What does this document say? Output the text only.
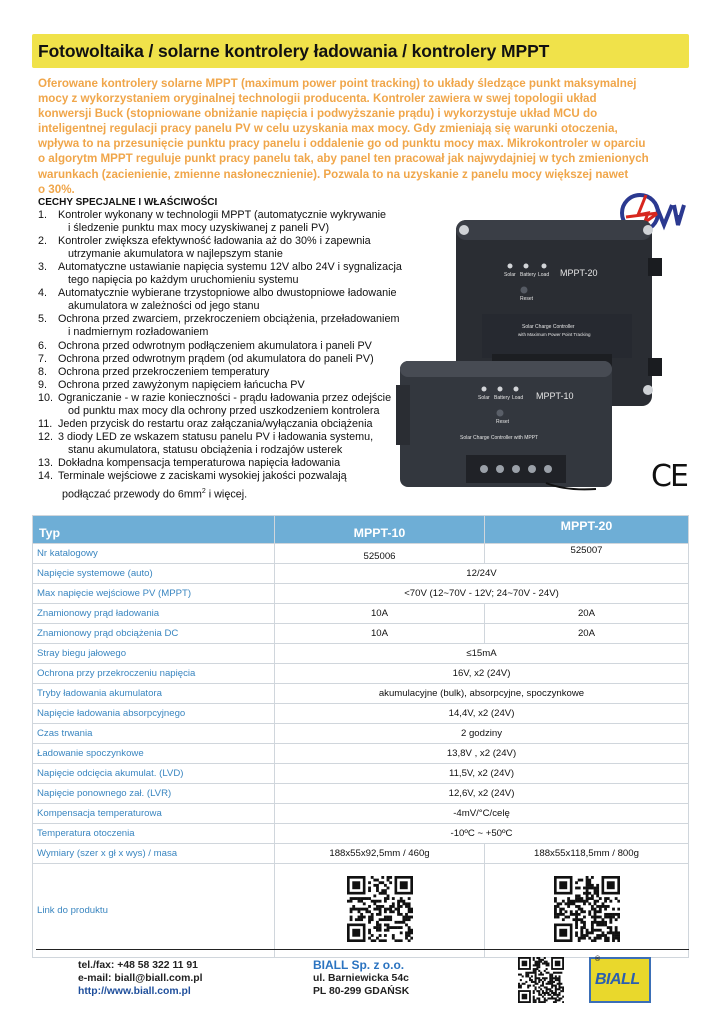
Fotowoltaika / solarne kontrolery ładowania / kontrolery MPPT
Oferowane kontrolery solarne MPPT (maximum power point tracking) to układy śledzące punkt maksymalnej
mocy z wykorzystaniem oryginalnej technologii producenta. Kontroler zawiera w swej topologii układ
konwersji Buck (stopniowane obniżanie napięcia i podwyższanie prądu) i wykorzystuje układ MCU do
inteligentnej regulacji pracy panelu PV w celu uzyskania max mocy. Gdy zmieniają się warunki otoczenia,
wpływa to na przesunięcie punktu pracy panelu i oddalenie go od punktu mocy max. Mikrokontroler w oparciu
o algorytm MPPT reguluje punkt pracy panelu tak, aby panel ten pracował jak najwydajniej w tych zmienionych
warunkach (zacienienie, zmienne nasłonecznienie). Pozwala to na uzyskanie z panelu mocy większej nawet
o 30%.
CECHY SPECJALNE I WŁAŚCIWOŚCI
1.	Kontroler wykonany w technologii MPPT (automatycznie wykrywanie
i śledzenie punktu max mocy uzyskiwanej z paneli PV)
2.	Kontroler zwiększa efektywność ładowania aż do 30% i zapewnia
utrzymanie akumulatora w najlepszym stanie
3.	Automatyczne ustawianie napięcia systemu 12V albo 24V i sygnalizacja
tego napięcia po każdym uruchomieniu systemu
4.	Automatycznie wybierane trzystopniowe albo dwustopniowe ładowanie
akumulatora w zależności od jego stanu
5.	Ochrona przed zwarciem, przekroczeniem obciążenia, przeładowaniem
i nadmiernym rozładowaniem
6.	Ochrona przed odwrotnym podłączeniem akumulatora i paneli PV
7.	Ochrona przed odwrotnym prądem (od akumulatora do paneli PV)
8.	Ochrona przed przekroczeniem temperatury
9.	Ochrona przed zawyżonym napięciem łańcucha PV
10. Ograniczanie - w razie konieczności - prądu ładowania przez odejście
od punktu max mocy dla ochrony przed uszkodzeniem kontrolera
11. Jeden przycisk do restartu oraz załączania/wyłączania obciążenia
12. 3 diody LED ze wskazem statusu panelu PV i ładowania systemu,
stanu akumulatora, statusu obciążenia i rodzajów usterek
13. Dokładna kompensacja temperaturowa napięcia ładowania
14. Terminale wejściowe z zaciskami wysokiej jakości pozwalają
podłączać przewody do $6mm^2$ i więcej.
Solar Battery Load MPPT-20
Reset
Solar Charge Controller
with Maximum Power Point Tracking
Solar Battery Load MPPT-10
Reset
Solar Charge Controller with MPPT
CE
Typ	MPPT-10	MPPT-20
Nr katalogowy	525006	525007
Napięcie systemowe (auto)	12/24V	
Max napięcie wejściowe PV (MPPT)	<70V (12~70V - 12V; 24~70V - 24V)	
Znamionowy prąd ładowania	10A	20A
Znamionowy prąd obciążenia DC	10A	20A
Stray biegu jałowego	≤15mA	
Ochrona przy przekroczeniu napięcia	16V, x2 (24V)	
Tryby ładowania akumulatora	akumulacyjne (bulk), absorpcyjne, spoczynkowe	
Napięcie ładowania absorpcyjnego	14,4V, x2 (24V)	
Czas trwania	2 godziny	
Ładowanie spoczynkowe	13,8V , x2 (24V)	
Napięcie odcięcia akumulat. (LVD)	11,5V, x2 (24V)	
Napięcie ponownego zał. (LVR)	12,6V, x2 (24V)	
Kompensacja temperaturowa	-4mV/°C/celę	
Temperatura otoczenia	-10ºC ~ +50ºC	
Wymiary (szer x gł x wys) / masa	188x55x92,5mm / 460g	188x55x118,5mm / 800g
Link do produktu		
tel./fax: +48 58 322 11 91
e-mail: biall@biall.com.pl
http://www.biall.com.pl
BIALL Sp. z o.o.
ul. Barniewicka 54c
PL 80-299 GDAŃSK
BIALL
®
